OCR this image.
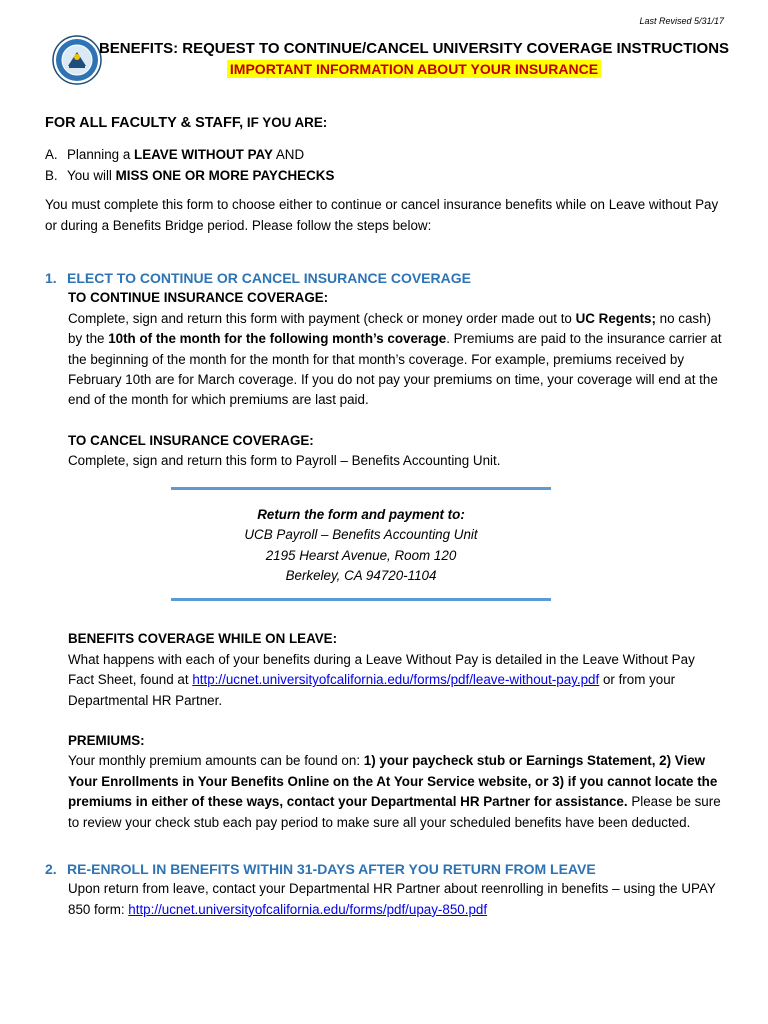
Last Revised 5/31/17
BENEFITS: REQUEST TO CONTINUE/CANCEL UNIVERSITY COVERAGE INSTRUCTIONS
IMPORTANT INFORMATION ABOUT YOUR INSURANCE

FOR ALL FACULTY & STAFF, IF YOU ARE:

A. Planning a LEAVE WITHOUT PAY AND

B. You will MISS ONE OR MORE PAYCHECKS

You must complete this form to choose either to continue or cancel insurance benefits while on Leave without Pay or during a Benefits Bridge period. Please follow the steps below:

1. ELECT TO CONTINUE OR CANCEL INSURANCE COVERAGE

TO CONTINUE INSURANCE COVERAGE:

Complete, sign and return this form with payment (check or money order made out to UC Regents; no cash) by the 10th of the month for the following month’s coverage. Premiums are paid to the insurance carrier at the beginning of the month for the month for that month’s coverage. For example, premiums received by February 10th are for March coverage. If you do not pay your premiums on time, your coverage will end at the end of the month for which premiums are last paid.

TO CANCEL INSURANCE COVERAGE:

Complete, sign and return this form to Payroll – Benefits Accounting Unit.

Return the form and payment to:

UCB Payroll – Benefits Accounting Unit

2195 Hearst Avenue, Room 120

Berkeley, CA 94720-1104

BENEFITS COVERAGE WHILE ON LEAVE:

What happens with each of your benefits during a Leave Without Pay is detailed in the Leave Without Pay Fact Sheet, found at http://ucnet.universityofcalifornia.edu/forms/pdf/leave-without-pay.pdf or from your Departmental HR Partner.

PREMIUMS:

Your monthly premium amounts can be found on: 1) your paycheck stub or Earnings Statement, 2) View Your Enrollments in Your Benefits Online on the At Your Service website, or 3) if you cannot locate the premiums in either of these ways, contact your Departmental HR Partner for assistance. Please be sure to review your check stub each pay period to make sure all your scheduled benefits have been deducted.

2. RE-ENROLL IN BENEFITS WITHIN 31-DAYS AFTER YOU RETURN FROM LEAVE

Upon return from leave, contact your Departmental HR Partner about reenrolling in benefits – using the UPAY 850 form: http://ucnet.universityofcalifornia.edu/forms/pdf/upay-850.pdf
